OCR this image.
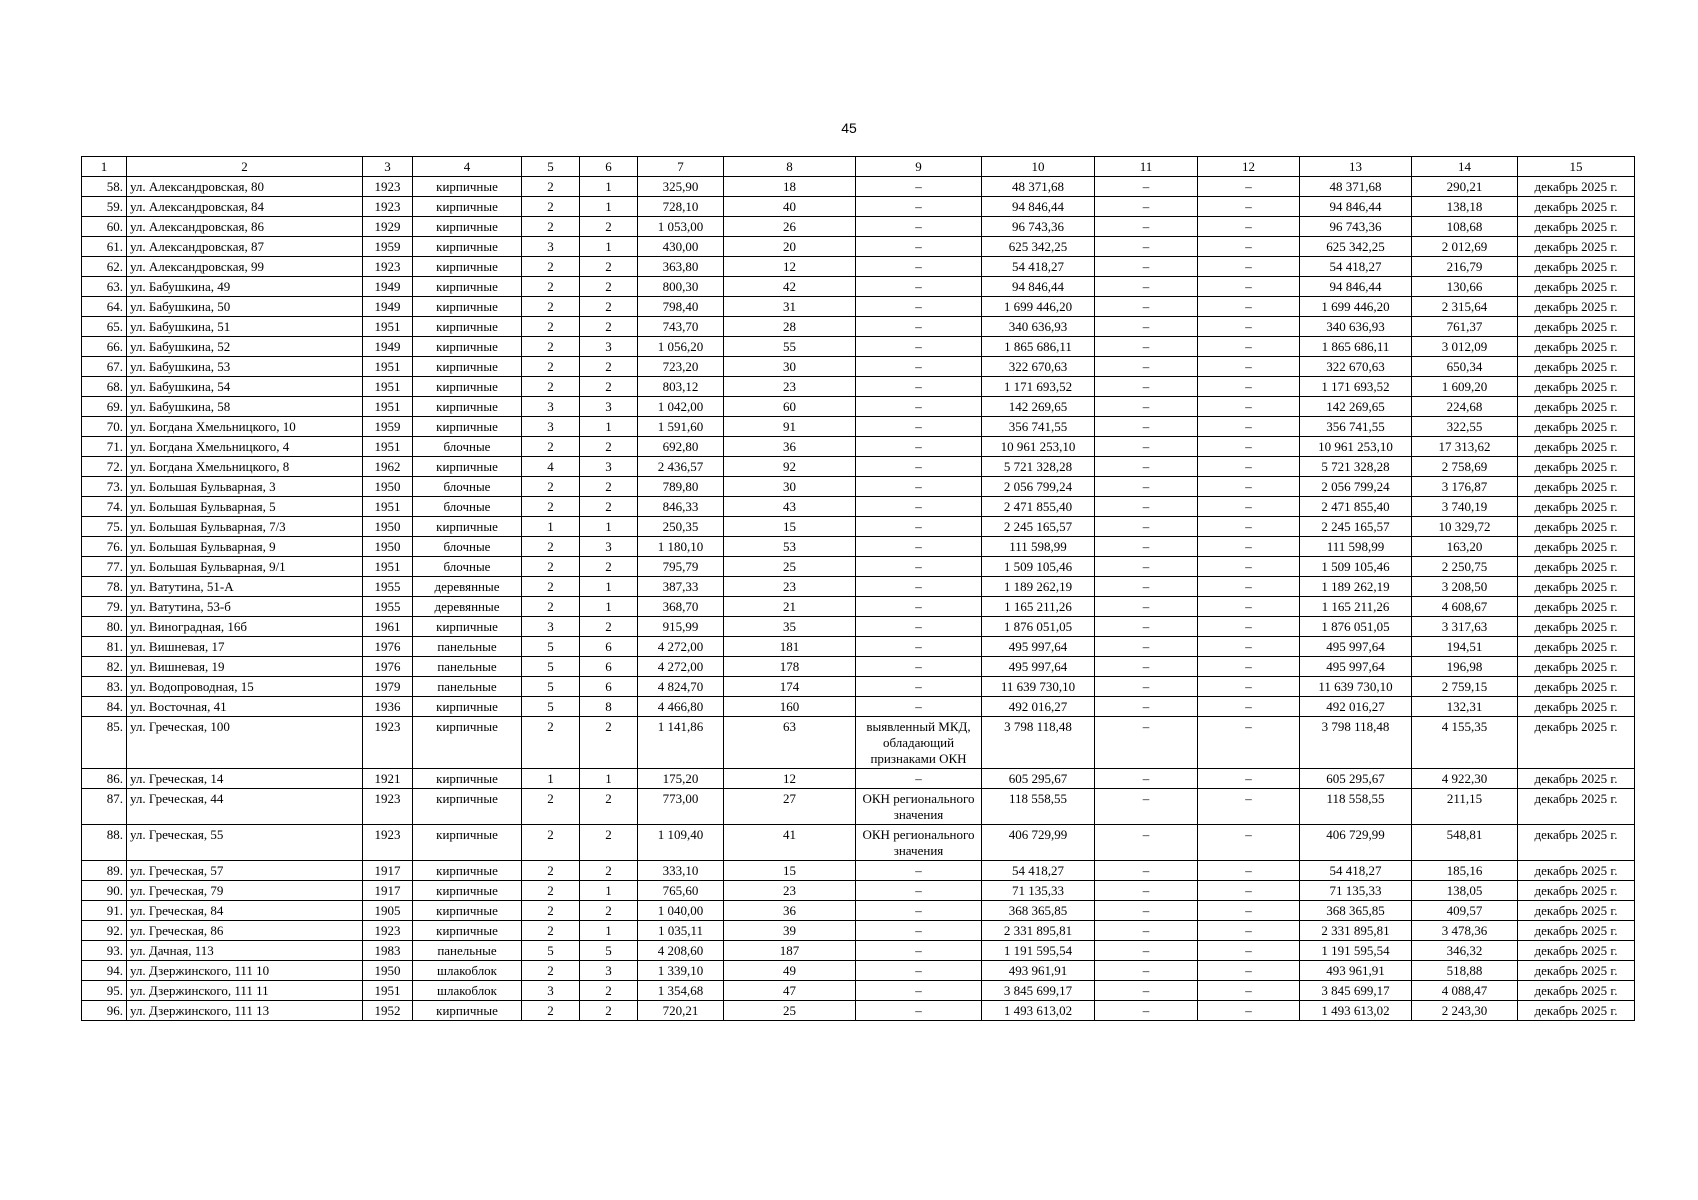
45
1	2	3	4	5	6	7	8	9	10	11	12	13	14	15
58.	ул. Александровская, 80	1923	кирпичные	2	1	325,90	18	–	48 371,68	–	–	48 371,68	290,21	декабрь 2025 г.
59.	ул. Александровская, 84	1923	кирпичные	2	1	728,10	40	–	94 846,44	–	–	94 846,44	138,18	декабрь 2025 г.
60.	ул. Александровская, 86	1929	кирпичные	2	2	1 053,00	26	–	96 743,36	–	–	96 743,36	108,68	декабрь 2025 г.
61.	ул. Александровская, 87	1959	кирпичные	3	1	430,00	20	–	625 342,25	–	–	625 342,25	2 012,69	декабрь 2025 г.
62.	ул. Александровская, 99	1923	кирпичные	2	2	363,80	12	–	54 418,27	–	–	54 418,27	216,79	декабрь 2025 г.
63.	ул. Бабушкина, 49	1949	кирпичные	2	2	800,30	42	–	94 846,44	–	–	94 846,44	130,66	декабрь 2025 г.
64.	ул. Бабушкина, 50	1949	кирпичные	2	2	798,40	31	–	1 699 446,20	–	–	1 699 446,20	2 315,64	декабрь 2025 г.
65.	ул. Бабушкина, 51	1951	кирпичные	2	2	743,70	28	–	340 636,93	–	–	340 636,93	761,37	декабрь 2025 г.
66.	ул. Бабушкина, 52	1949	кирпичные	2	3	1 056,20	55	–	1 865 686,11	–	–	1 865 686,11	3 012,09	декабрь 2025 г.
67.	ул. Бабушкина, 53	1951	кирпичные	2	2	723,20	30	–	322 670,63	–	–	322 670,63	650,34	декабрь 2025 г.
68.	ул. Бабушкина, 54	1951	кирпичные	2	2	803,12	23	–	1 171 693,52	–	–	1 171 693,52	1 609,20	декабрь 2025 г.
69.	ул. Бабушкина, 58	1951	кирпичные	3	3	1 042,00	60	–	142 269,65	–	–	142 269,65	224,68	декабрь 2025 г.
70.	ул. Богдана Хмельницкого, 10	1959	кирпичные	3	1	1 591,60	91	–	356 741,55	–	–	356 741,55	322,55	декабрь 2025 г.
71.	ул. Богдана Хмельницкого, 4	1951	блочные	2	2	692,80	36	–	10 961 253,10	–	–	10 961 253,10	17 313,62	декабрь 2025 г.
72.	ул. Богдана Хмельницкого, 8	1962	кирпичные	4	3	2 436,57	92	–	5 721 328,28	–	–	5 721 328,28	2 758,69	декабрь 2025 г.
73.	ул. Большая Бульварная, 3	1950	блочные	2	2	789,80	30	–	2 056 799,24	–	–	2 056 799,24	3 176,87	декабрь 2025 г.
74.	ул. Большая Бульварная, 5	1951	блочные	2	2	846,33	43	–	2 471 855,40	–	–	2 471 855,40	3 740,19	декабрь 2025 г.
75.	ул. Большая Бульварная, 7/3	1950	кирпичные	1	1	250,35	15	–	2 245 165,57	–	–	2 245 165,57	10 329,72	декабрь 2025 г.
76.	ул. Большая Бульварная, 9	1950	блочные	2	3	1 180,10	53	–	111 598,99	–	–	111 598,99	163,20	декабрь 2025 г.
77.	ул. Большая Бульварная, 9/1	1951	блочные	2	2	795,79	25	–	1 509 105,46	–	–	1 509 105,46	2 250,75	декабрь 2025 г.
78.	ул. Ватутина, 51-А	1955	деревянные	2	1	387,33	23	–	1 189 262,19	–	–	1 189 262,19	3 208,50	декабрь 2025 г.
79.	ул. Ватутина, 53-б	1955	деревянные	2	1	368,70	21	–	1 165 211,26	–	–	1 165 211,26	4 608,67	декабрь 2025 г.
80.	ул. Виноградная, 16б	1961	кирпичные	3	2	915,99	35	–	1 876 051,05	–	–	1 876 051,05	3 317,63	декабрь 2025 г.
81.	ул. Вишневая, 17	1976	панельные	5	6	4 272,00	181	–	495 997,64	–	–	495 997,64	194,51	декабрь 2025 г.
82.	ул. Вишневая, 19	1976	панельные	5	6	4 272,00	178	–	495 997,64	–	–	495 997,64	196,98	декабрь 2025 г.
83.	ул. Водопроводная, 15	1979	панельные	5	6	4 824,70	174	–	11 639 730,10	–	–	11 639 730,10	2 759,15	декабрь 2025 г.
84.	ул. Восточная, 41	1936	кирпичные	5	8	4 466,80	160	–	492 016,27	–	–	492 016,27	132,31	декабрь 2025 г.
85.	ул. Греческая, 100	1923	кирпичные	2	2	1 141,86	63	выявленный МКД, обладающий признаками ОКН	3 798 118,48	–	–	3 798 118,48	4 155,35	декабрь 2025 г.
86.	ул. Греческая, 14	1921	кирпичные	1	1	175,20	12	–	605 295,67	–	–	605 295,67	4 922,30	декабрь 2025 г.
87.	ул. Греческая, 44	1923	кирпичные	2	2	773,00	27	ОКН регионального значения	118 558,55	–	–	118 558,55	211,15	декабрь 2025 г.
88.	ул. Греческая, 55	1923	кирпичные	2	2	1 109,40	41	ОКН регионального значения	406 729,99	–	–	406 729,99	548,81	декабрь 2025 г.
89.	ул. Греческая, 57	1917	кирпичные	2	2	333,10	15	–	54 418,27	–	–	54 418,27	185,16	декабрь 2025 г.
90.	ул. Греческая, 79	1917	кирпичные	2	1	765,60	23	–	71 135,33	–	–	71 135,33	138,05	декабрь 2025 г.
91.	ул. Греческая, 84	1905	кирпичные	2	2	1 040,00	36	–	368 365,85	–	–	368 365,85	409,57	декабрь 2025 г.
92.	ул. Греческая, 86	1923	кирпичные	2	1	1 035,11	39	–	2 331 895,81	–	–	2 331 895,81	3 478,36	декабрь 2025 г.
93.	ул. Дачная, 113	1983	панельные	5	5	4 208,60	187	–	1 191 595,54	–	–	1 191 595,54	346,32	декабрь 2025 г.
94.	ул. Дзержинского, 111 10	1950	шлакоблок	2	3	1 339,10	49	–	493 961,91	–	–	493 961,91	518,88	декабрь 2025 г.
95.	ул. Дзержинского, 111 11	1951	шлакоблок	3	2	1 354,68	47	–	3 845 699,17	–	–	3 845 699,17	4 088,47	декабрь 2025 г.
96.	ул. Дзержинского, 111 13	1952	кирпичные	2	2	720,21	25	–	1 493 613,02	–	–	1 493 613,02	2 243,30	декабрь 2025 г.
